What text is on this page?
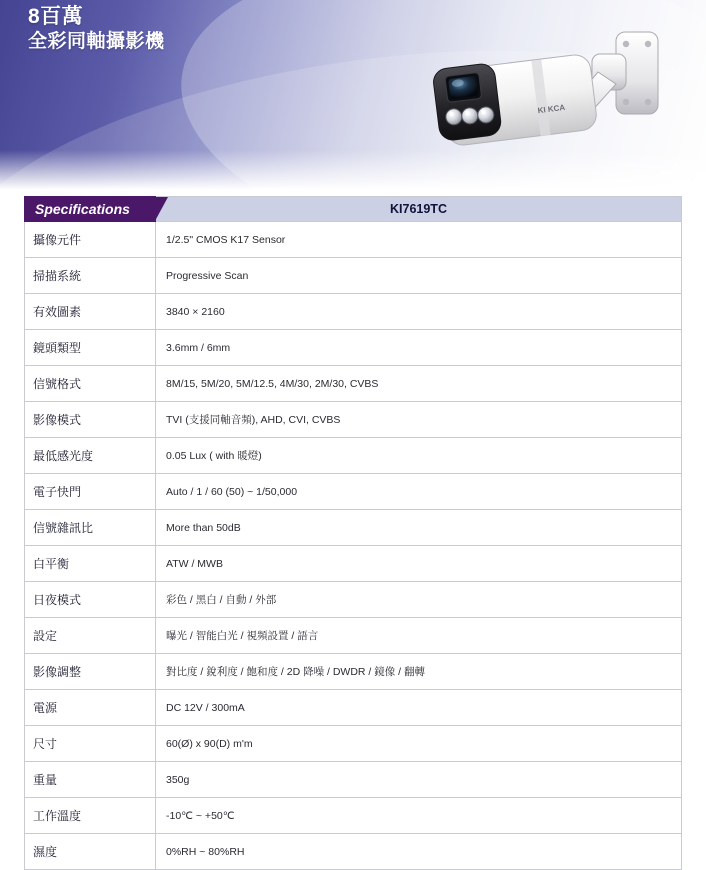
8百萬
全彩同軸攝影機
KI KCA
Specifications	KI7619TC
攝像元件	1/2.5" CMOS K17 Sensor
掃描系統	Progressive Scan
有效圖素	3840 × 2160
鏡頭類型	3.6mm / 6mm
信號格式	8M/15, 5M/20, 5M/12.5, 4M/30, 2M/30, CVBS
影像模式	TVI (支援同軸音頻), AHD, CVI, CVBS
最低感光度	0.05 Lux ( with 暖燈)
電子快門	Auto / 1 / 60 (50) ~ 1/50,000
信號雜訊比	More than 50dB
白平衡	ATW / MWB
日夜模式	彩色 / 黑白 / 自動 / 外部
設定	曝光 / 智能白光 / 視頻設置 / 語言
影像調整	對比度 / 銳利度 / 飽和度 / 2D 降噪 / DWDR / 鏡像 / 翻轉
電源	DC 12V / 300mA
尺寸	60(Ø) x 90(D) m'm
重量	350g
工作溫度	-10℃ ~ +50℃
濕度	0%RH ~ 80%RH
